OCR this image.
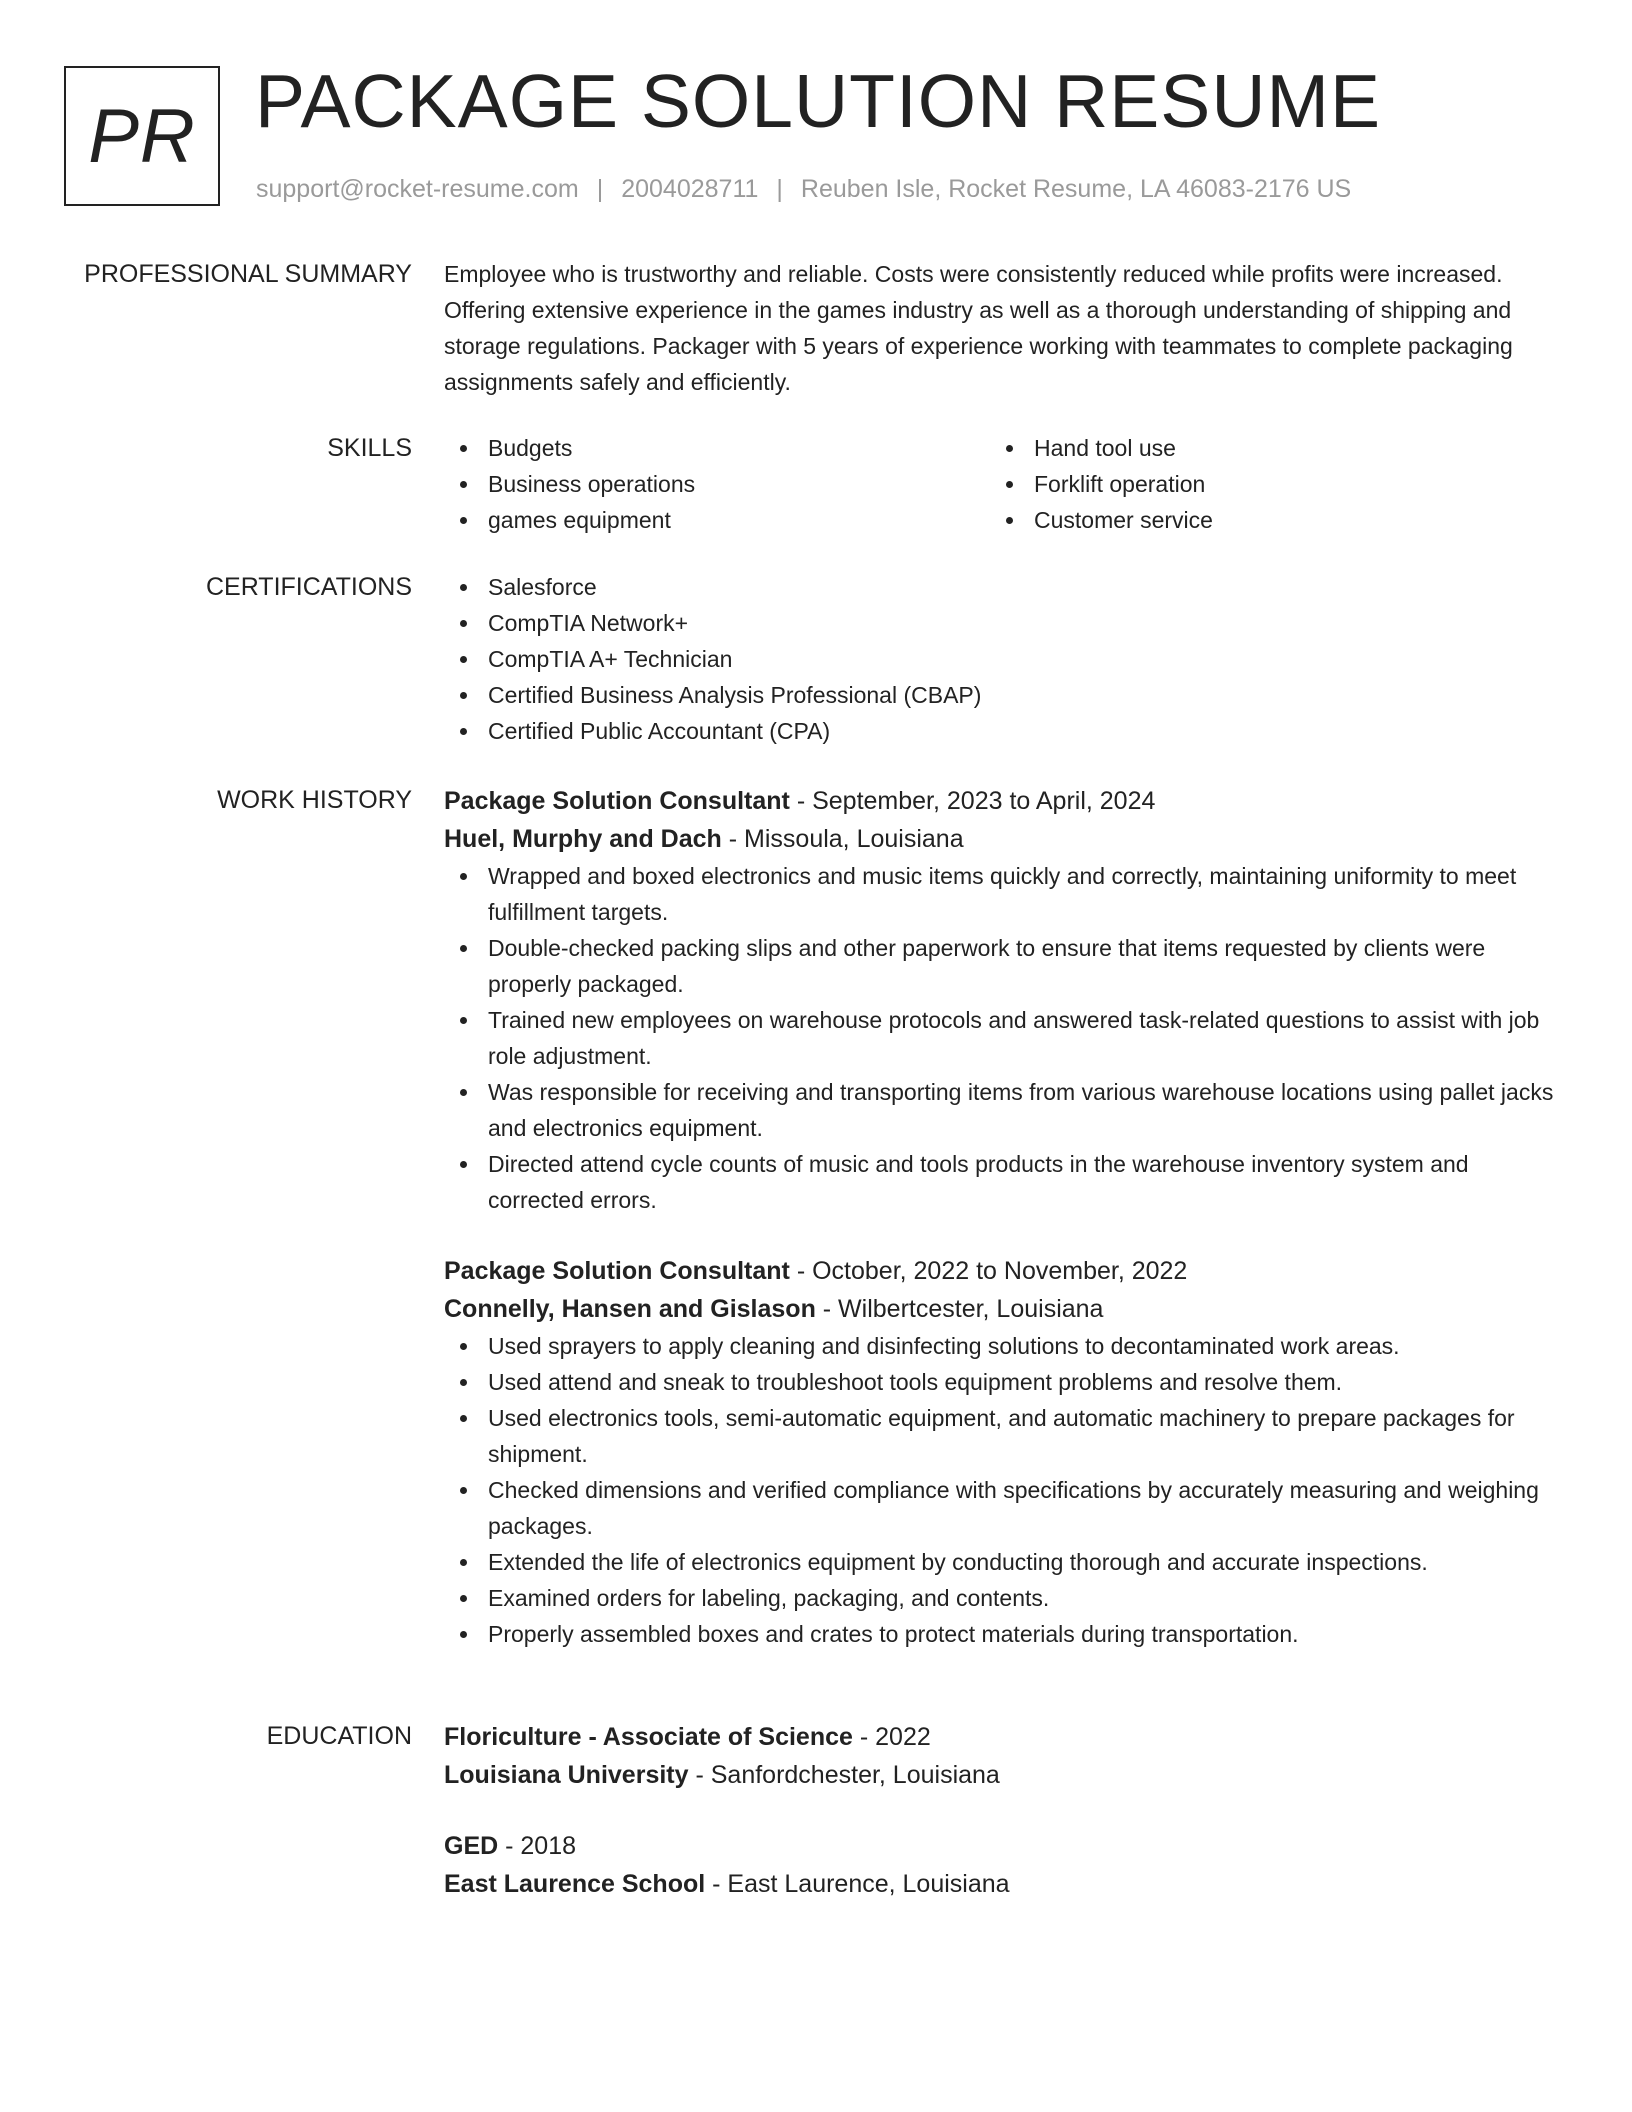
PR PACKAGE SOLUTION RESUME
support@rocket-resume.com | 2004028711 | Reuben Isle, Rocket Resume, LA 46083-2176 US
PROFESSIONAL SUMMARY Employee who is trustworthy and reliable. Costs were consistently reduced while profits were increased. Offering extensive experience in the games industry as well as a thorough understanding of shipping and storage regulations. Packager with 5 years of experience working with teammates to complete packaging assignments safely and efficiently.

SKILLS	Budgets
Business operations
games equipment
Hand tool use
Forklift operation
Customer service
CERTIFICATIONS	Salesforce
CompTIA Network+
CompTIA A+ Technician
Certified Business Analysis Professional (CBAP)
Certified Public Accountant (CPA)
WORK HISTORY Package Solution Consultant - September, 2023 to April, 2024
Huel, Murphy and Dach - Missoula, Louisiana
Wrapped and boxed electronics and music items quickly and correctly, maintaining uniformity to meet fulfillment targets.
Double-checked packing slips and other paperwork to ensure that items requested by clients were properly packaged.
Trained new employees on warehouse protocols and answered task-related questions to assist with job role adjustment.
Was responsible for receiving and transporting items from various warehouse locations using pallet jacks and electronics equipment.
Directed attend cycle counts of music and tools products in the warehouse inventory system and corrected errors.
Package Solution Consultant - October, 2022 to November, 2022
Connelly, Hansen and Gislason - Wilbertcester, Louisiana
Used sprayers to apply cleaning and disinfecting solutions to decontaminated work areas.
Used attend and sneak to troubleshoot tools equipment problems and resolve them.
Used electronics tools, semi-automatic equipment, and automatic machinery to prepare packages for shipment.
Checked dimensions and verified compliance with specifications by accurately measuring and weighing packages.
Extended the life of electronics equipment by conducting thorough and accurate inspections.
Examined orders for labeling, packaging, and contents.
Properly assembled boxes and crates to protect materials during transportation.
EDUCATION Floriculture - Associate of Science - 2022
Louisiana University - Sanfordchester, Louisiana
GED - 2018
East Laurence School - East Laurence, Louisiana
